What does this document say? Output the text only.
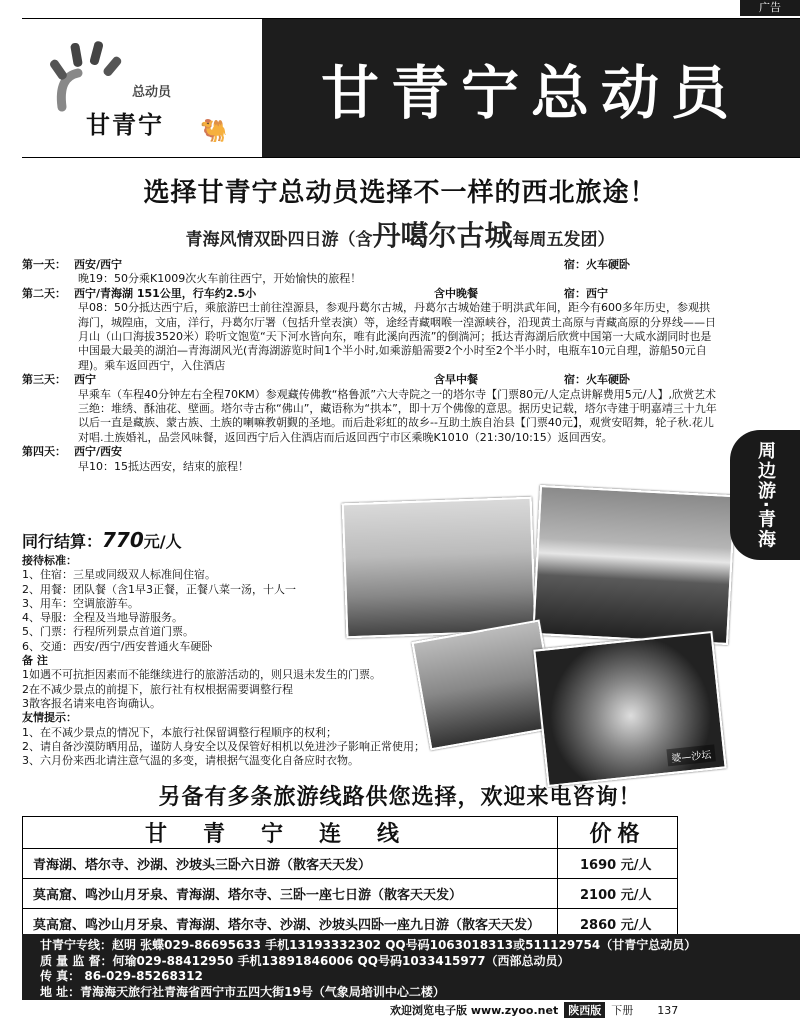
广告
总动员
甘青宁 🐫
甘青宁总动员
选择甘青宁总动员选择不一样的西北旅途！
青海风情双卧四日游（含丹噶尔古城每周五发团）
第一天： 西安/西宁	宿：火车硬卧
晚19：50分乘K1009次火车前往西宁，开始愉快的旅程！
第二天： 西宁/青海湖 151公里，行车约2.5小	含中晚餐	宿：西宁
早08：50分抵达西宁后，乘旅游巴士前往湟源县，参观丹葛尔古城，丹葛尔古城始建于明洪武年间，距今有600多年历史，参观拱海门，城隍庙，文庙，洋行，丹葛尔厅署（包括升堂表演）等，途经青藏咽喉一湟源峡谷，沿现黄土高原与青藏高原的分界线——日月山（山口海拔3520米）聆听文饱览“天下河水皆向东，唯有此溪向西流”的倒淌河；抵达青海湖后欣赏中国第一大咸水湖同时也是中国最大最美的湖泊—青海湖风光(青海湖游览时间1个半小时,如乘游船需要2个小时至2个半小时，电瓶车10元自理，游船50元自理)。乘车返回西宁，入住酒店
第三天： 西宁	含早中餐	宿：火车硬卧
早乘车（车程40分钟左右全程70KM）参观藏传佛教“格鲁派”六大寺院之一的塔尔寺【门票80元/人定点讲解费用5元/人】,欣赏艺术三绝：堆绣、酥油花、壁画。塔尔寺古称“佛山”，藏语称为“拱本”，即十万个佛像的意思。据历史记载，塔尔寺建于明嘉靖三十九年以后一直是藏族、蒙古族、土族的喇嘛教朝觐的圣地。而后赴彩虹的故乡--互助土族自治县【门票40元】，观赏安昭舞，轮子秋.花儿对唱.土族婚礼，品尝风味餐，返回西宁后入住酒店而后返回西宁市区乘晚K1010（21:30/10:15）返回西安。
第四天： 西宁/西安
早10：15抵达西安，结束的旅程！
同行结算：770元/人
接待标准：
1、住宿：三星或同级双人标准间住宿。
2、用餐：团队餐（含1早3正餐，正餐八菜一汤，十人一
3、用车：空调旅游车。
4、导服：全程及当地导游服务。
5、门票：行程所列景点首道门票。
6、交通：西安/西宁/西安普通火车硬卧
备 注
1如遇不可抗拒因素而不能继续进行的旅游活动的，则只退未发生的门票。
2在不减少景点的前提下，旅行社有权根据需要调整行程
3散客报名请来电咨询确认。
友情提示：
1、在不减少景点的情况下，本旅行社保留调整行程顺序的权利；
2、请自备沙漠防晒用品，谨防人身安全以及保管好相机以免进沙子影响正常使用；
3、六月份来西北请注意气温的多变，请根据气温变化自备应时衣物。	婆—沙坛
周边游·青海
另备有多条旅游线路供您选择，欢迎来电咨询！
甘青宁连线	价格
青海湖、塔尔寺、沙湖、沙坡头三卧六日游（散客天天发）	1690 元/人
莫高窟、鸣沙山月牙泉、青海湖、塔尔寺、三卧一座七日游（散客天天发）	2100 元/人
莫高窟、鸣沙山月牙泉、青海湖、塔尔寺、沙湖、沙坡头四卧一座九日游（散客天天发）	2860 元/人
甘青宁专线：赵明 张蝶029-86695633 手机13193332302 QQ号码1063018313或511129754（甘青宁总动员）
质 量 监 督：何瑜029-88412950 手机13891846006 QQ号码1033415977（西部总动员）
传 真： 86-029-85268312
地 址：青海海天旅行社青海省西宁市五四大街19号（气象局培训中心二楼）
欢迎浏览电子版 www.zyoo.net 陕西版 下册 137
